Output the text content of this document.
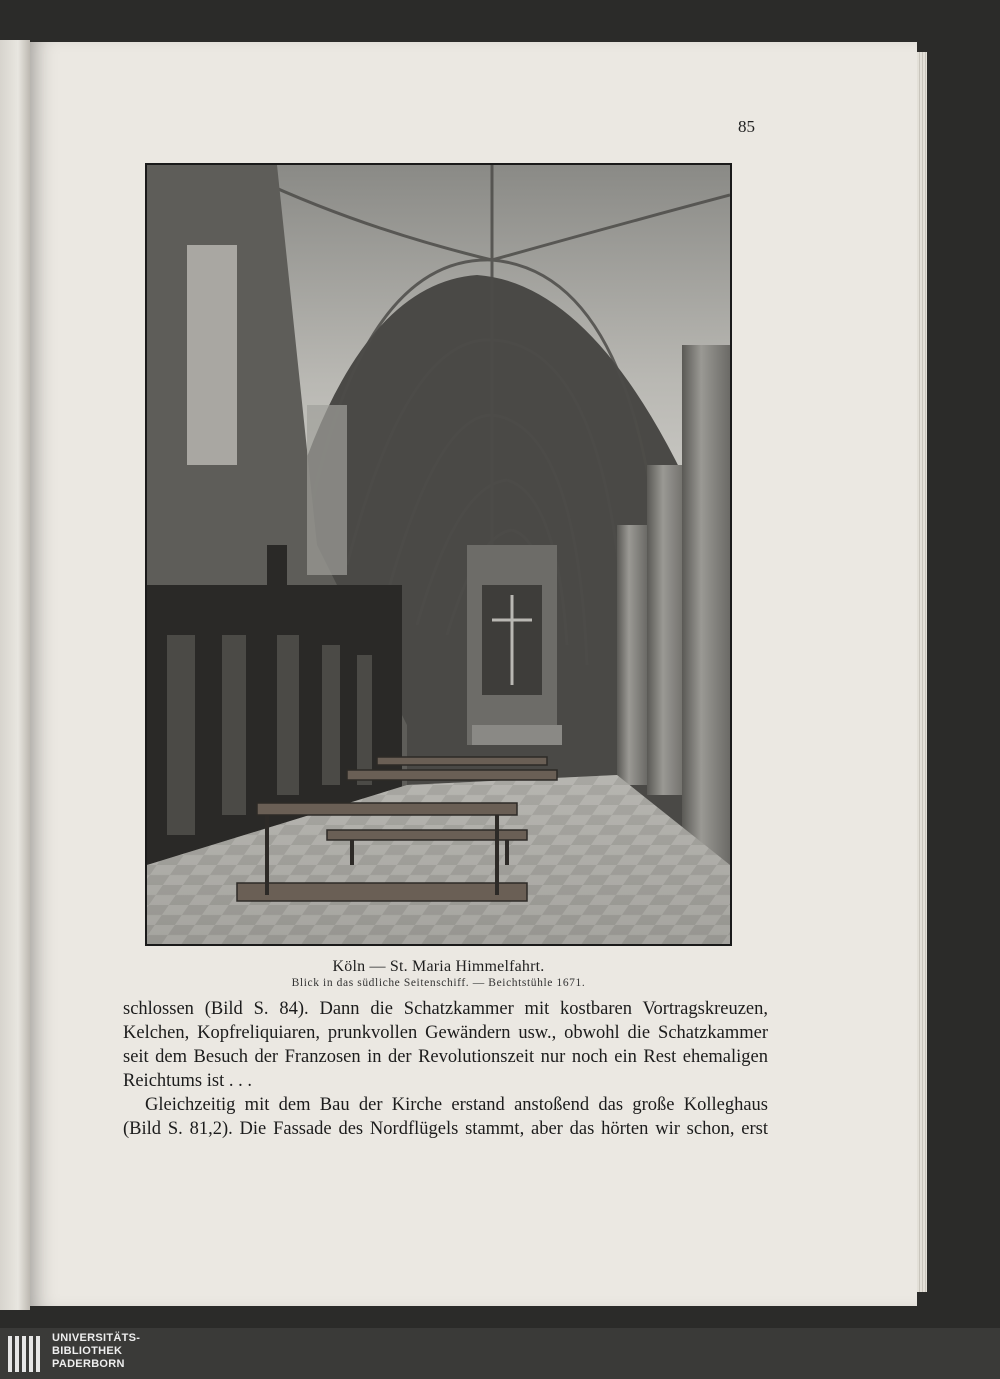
85
Köln — St. Maria Himmelfahrt.
Blick in das südliche Seitenschiff. — Beichtstühle 1671.
schlossen (Bild S. 84). Dann die Schatzkammer mit kostbaren Vortragskreuzen,
Kelchen, Kopfreliquiaren, prunkvollen Gewändern usw., obwohl die Schatzkammer
seit dem Besuch der Franzosen in der Revolutionszeit nur noch ein Rest ehemaligen
Reichtums ist . . .
Gleichzeitig mit dem Bau der Kirche erstand anstoßend das große Kolleghaus
(Bild S. 81,2). Die Fassade des Nordflügels stammt, aber das hörten wir schon, erst
UNIVERSITÄTS-
BIBLIOTHEK
PADERBORN
